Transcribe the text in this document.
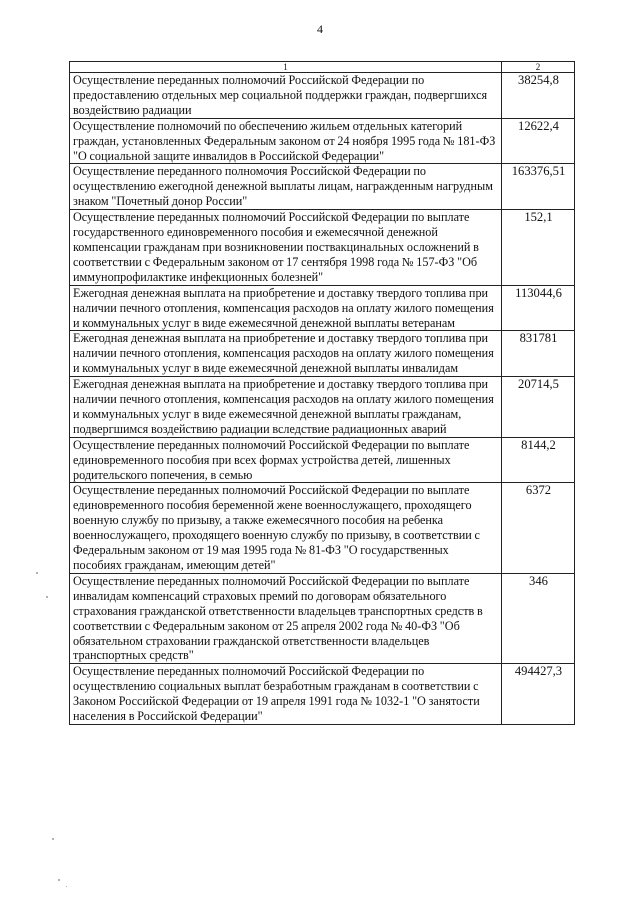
4
1	2
Осуществление переданных полномочий Российской Федерации по предоставлению отдельных мер социальной поддержки граждан, подвергшихся воздействию радиации	38254,8
Осуществление полномочий по обеспечению жильем отдельных категорий граждан, установленных Федеральным законом от 24 ноября 1995 года № 181-ФЗ "О социальной защите инвалидов в Российской Федерации"	12622,4
Осуществление переданного полномочия Российской Федерации по осуществлению ежегодной денежной выплаты лицам, награжденным нагрудным знаком "Почетный донор России"	163376,51
Осуществление переданных полномочий Российской Федерации по выплате государственного единовременного пособия и ежемесячной денежной компенсации гражданам при возникновении поствакцинальных осложнений в соответствии с Федеральным законом от 17 сентября 1998 года № 157-ФЗ "Об иммунопрофилактике инфекционных болезней"	152,1
Ежегодная денежная выплата на приобретение и доставку твердого топлива при наличии печного отопления, компенсация расходов на оплату жилого помещения и коммунальных услуг в виде ежемесячной денежной выплаты ветеранам	113044,6
Ежегодная денежная выплата на приобретение и доставку твердого топлива при наличии печного отопления, компенсация расходов на оплату жилого помещения и коммунальных услуг в виде ежемесячной денежной выплаты инвалидам	831781
Ежегодная денежная выплата на приобретение и доставку твердого топлива при наличии печного отопления, компенсация расходов на оплату жилого помещения и коммунальных услуг в виде ежемесячной денежной выплаты гражданам, подвергшимся воздействию радиации вследствие радиационных аварий	20714,5
Осуществление переданных полномочий Российской Федерации по выплате единовременного пособия при всех формах устройства детей, лишенных родительского попечения, в семью	8144,2
Осуществление переданных полномочий Российской Федерации по выплате единовременного пособия беременной жене военнослужащего, проходящего военную службу по призыву, а также ежемесячного пособия на ребенка военнослужащего, проходящего военную службу по призыву, в соответствии с Федеральным законом от 19 мая 1995 года № 81-ФЗ "О государственных пособиях гражданам, имеющим детей"	6372
Осуществление переданных полномочий Российской Федерации по выплате инвалидам компенсаций страховых премий по договорам обязательного страхования гражданской ответственности владельцев транспортных средств в соответствии с Федеральным законом от 25 апреля 2002 года № 40-ФЗ "Об обязательном страховании гражданской ответственности владельцев транспортных средств"	346
Осуществление переданных полномочий Российской Федерации по осуществлению социальных выплат безработным гражданам в соответствии с Законом Российской Федерации от 19 апреля 1991 года № 1032-1 "О занятости населения в Российской Федерации"	494427,3
